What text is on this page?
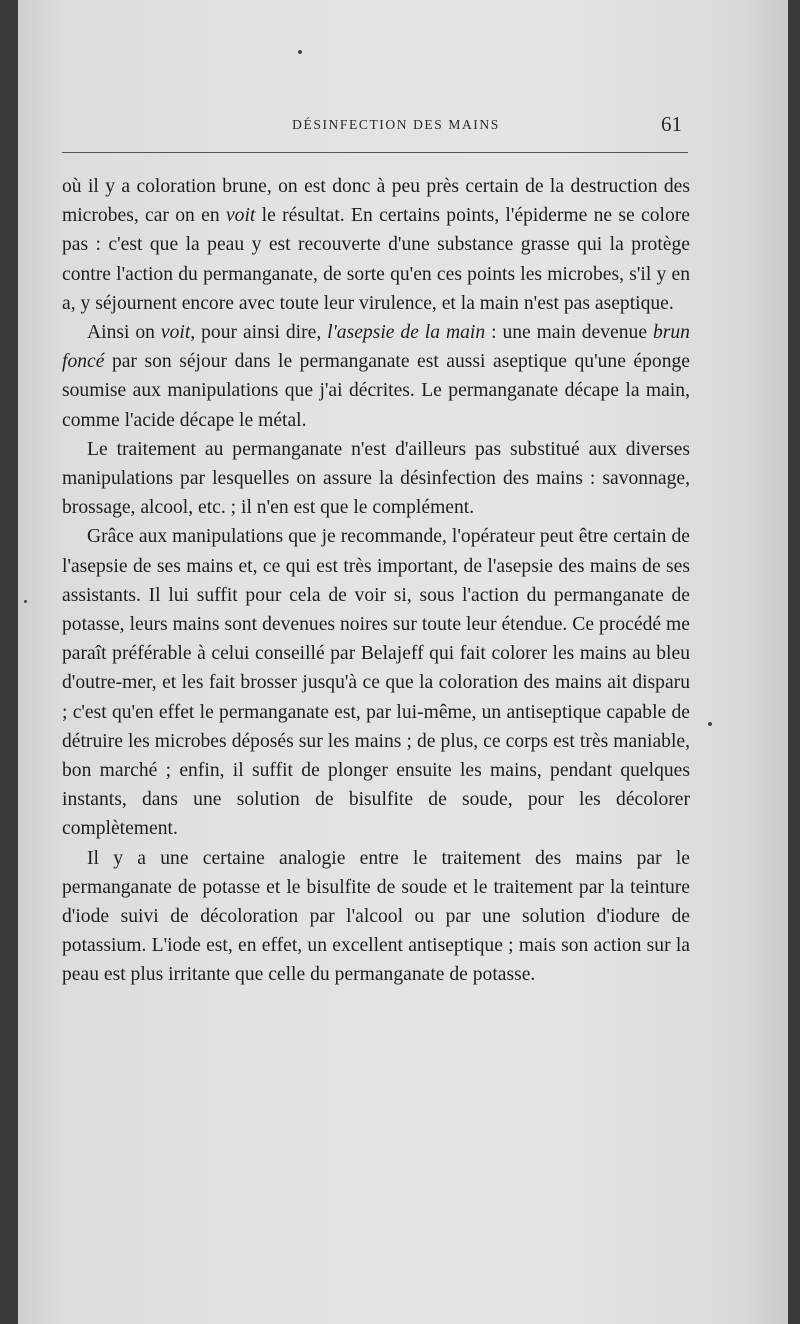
DÉSINFECTION DES MAINS	61

où il y a coloration brune, on est donc à peu près certain de la destruction des microbes, car on en voit le résultat. En certains points, l'épiderme ne se colore pas : c'est que la peau y est recouverte d'une substance grasse qui la protège contre l'action du permanganate, de sorte qu'en ces points les microbes, s'il y en a, y séjournent encore avec toute leur virulence, et la main n'est pas aseptique.

Ainsi on voit, pour ainsi dire, l'asepsie de la main : une main devenue brun foncé par son séjour dans le permanganate est aussi aseptique qu'une éponge soumise aux manipulations que j'ai décrites. Le permanganate décape la main, comme l'acide décape le métal.

Le traitement au permanganate n'est d'ailleurs pas substitué aux diverses manipulations par lesquelles on assure la désinfection des mains : savonnage, brossage, alcool, etc. ; il n'en est que le complément.

Grâce aux manipulations que je recommande, l'opérateur peut être certain de l'asepsie de ses mains et, ce qui est très important, de l'asepsie des mains de ses assistants. Il lui suffit pour cela de voir si, sous l'action du permanganate de potasse, leurs mains sont devenues noires sur toute leur étendue. Ce procédé me paraît préférable à celui conseillé par Belajeff qui fait colorer les mains au bleu d'outre-mer, et les fait brosser jusqu'à ce que la coloration des mains ait disparu ; c'est qu'en effet le permanganate est, par lui-même, un antiseptique capable de détruire les microbes déposés sur les mains ; de plus, ce corps est très maniable, bon marché ; enfin, il suffit de plonger ensuite les mains, pendant quelques instants, dans une solution de bisulfite de soude, pour les décolorer complètement.

Il y a une certaine analogie entre le traitement des mains par le permanganate de potasse et le bisulfite de soude et le traitement par la teinture d'iode suivi de décoloration par l'alcool ou par une solution d'iodure de potassium. L'iode est, en effet, un excellent antiseptique ; mais son action sur la peau est plus irritante que celle du permanganate de potasse.
